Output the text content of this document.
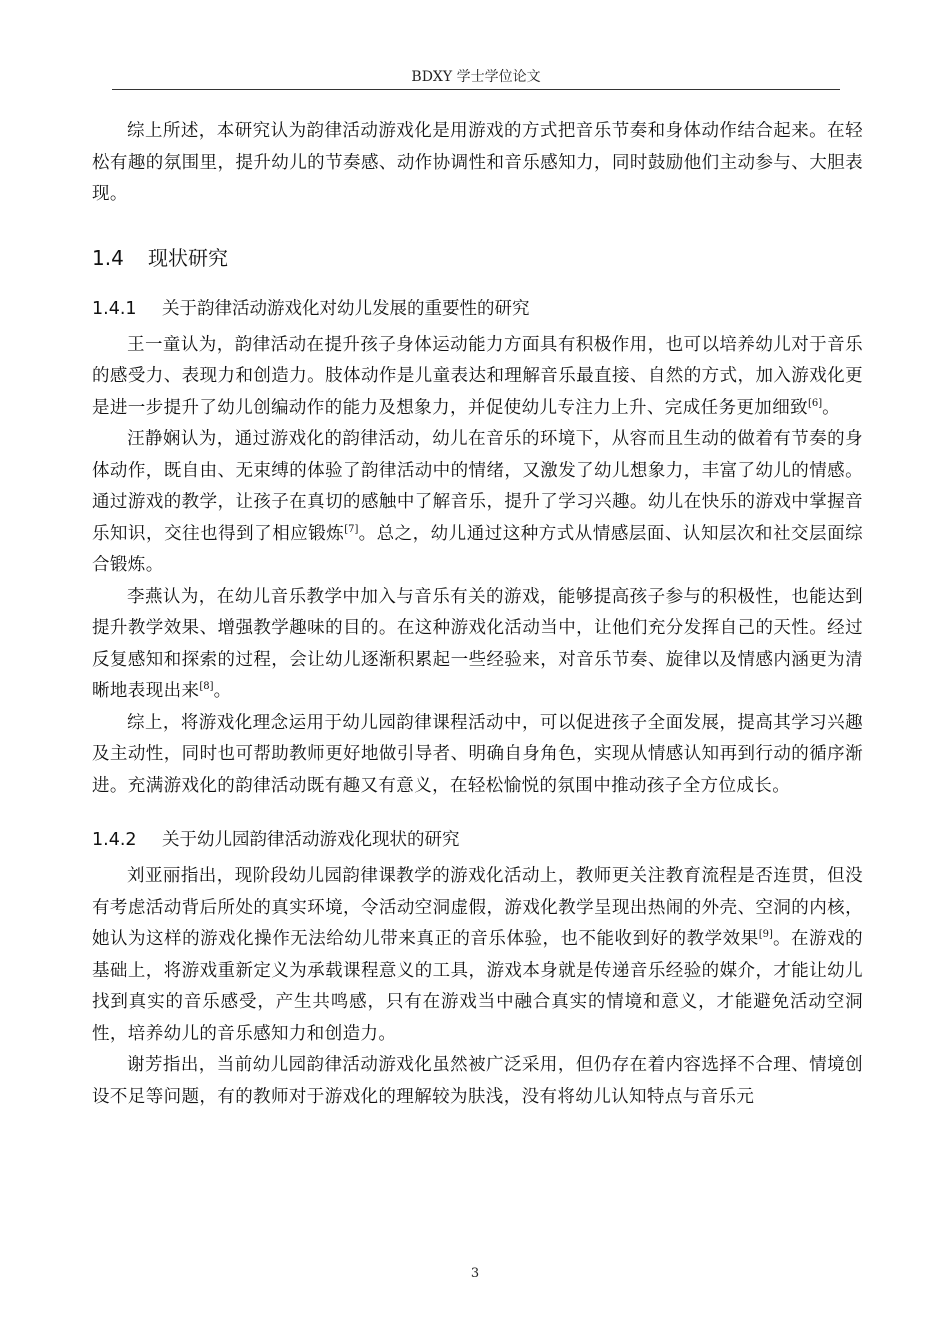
BDXY 学士学位论文

综上所述，本研究认为韵律活动游戏化是用游戏的方式把音乐节奏和身体动作结合起来。在轻松有趣的氛围里，提升幼儿的节奏感、动作协调性和音乐感知力，同时鼓励他们主动参与、大胆表现。

1.4 现状研究
1.4.1 关于韵律活动游戏化对幼儿发展的重要性的研究

王一童认为，韵律活动在提升孩子身体运动能力方面具有积极作用，也可以培养幼儿对于音乐的感受力、表现力和创造力。肢体动作是儿童表达和理解音乐最直接、自然的方式，加入游戏化更是进一步提升了幼儿创编动作的能力及想象力，并促使幼儿专注力上升、完成任务更加细致[6]。

汪静娴认为，通过游戏化的韵律活动，幼儿在音乐的环境下，从容而且生动的做着有节奏的身体动作，既自由、无束缚的体验了韵律活动中的情绪，又激发了幼儿想象力，丰富了幼儿的情感。通过游戏的教学，让孩子在真切的感触中了解音乐，提升了学习兴趣。幼儿在快乐的游戏中掌握音乐知识，交往也得到了相应锻炼[7]。总之，幼儿通过这种方式从情感层面、认知层次和社交层面综合锻炼。

李燕认为，在幼儿音乐教学中加入与音乐有关的游戏，能够提高孩子参与的积极性，也能达到提升教学效果、增强教学趣味的目的。在这种游戏化活动当中，让他们充分发挥自己的天性。经过反复感知和探索的过程，会让幼儿逐渐积累起一些经验来，对音乐节奏、旋律以及情感内涵更为清晰地表现出来[8]。

综上，将游戏化理念运用于幼儿园韵律课程活动中，可以促进孩子全面发展，提高其学习兴趣及主动性，同时也可帮助教师更好地做引导者、明确自身角色，实现从情感认知再到行动的循序渐进。充满游戏化的韵律活动既有趣又有意义，在轻松愉悦的氛围中推动孩子全方位成长。

1.4.2 关于幼儿园韵律活动游戏化现状的研究

刘亚丽指出，现阶段幼儿园韵律课教学的游戏化活动上，教师更关注教育流程是否连贯，但没有考虑活动背后所处的真实环境，令活动空洞虚假，游戏化教学呈现出热闹的外壳、空洞的内核，她认为这样的游戏化操作无法给幼儿带来真正的音乐体验，也不能收到好的教学效果[9]。在游戏的基础上，将游戏重新定义为承载课程意义的工具，游戏本身就是传递音乐经验的媒介，才能让幼儿找到真实的音乐感受，产生共鸣感，只有在游戏当中融合真实的情境和意义，才能避免活动空洞性，培养幼儿的音乐感知力和创造力。

谢芳指出，当前幼儿园韵律活动游戏化虽然被广泛采用，但仍存在着内容选择不合理、情境创设不足等问题，有的教师对于游戏化的理解较为肤浅，没有将幼儿认知特点与音乐元

3
